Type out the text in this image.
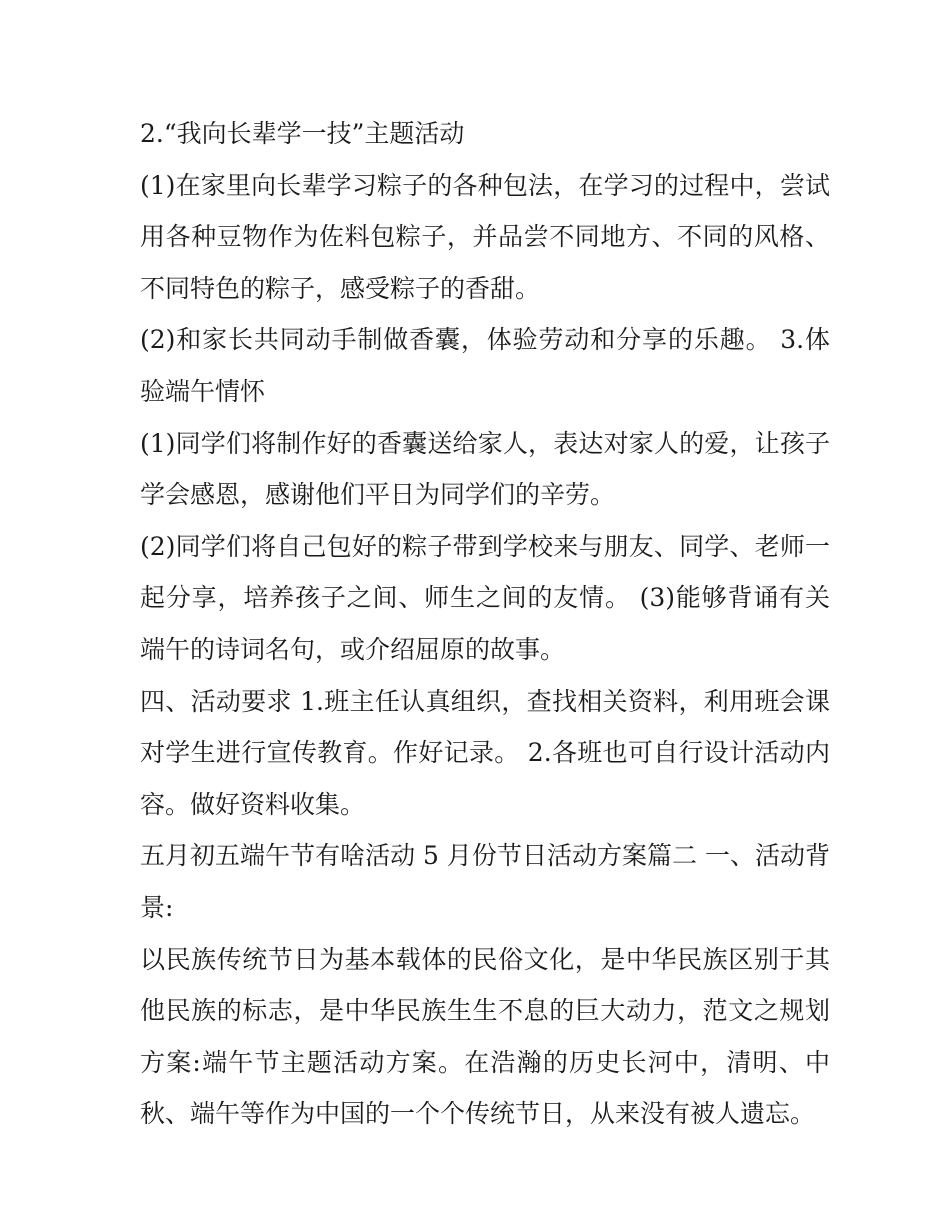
2.“我向长辈学一技”主题活动

(1)在家里向长辈学习粽子的各种包法，在学习的过程中，尝试用各种豆物作为佐料包粽子，并品尝不同地方、不同的风格、不同特色的粽子，感受粽子的香甜。

(2)和家长共同动手制做香囊，体验劳动和分享的乐趣。 3.体验端午情怀

(1)同学们将制作好的香囊送给家人，表达对家人的爱，让孩子学会感恩，感谢他们平日为同学们的辛劳。

(2)同学们将自己包好的粽子带到学校来与朋友、同学、老师一起分享，培养孩子之间、师生之间的友情。 (3)能够背诵有关端午的诗词名句，或介绍屈原的故事。

四、活动要求 1.班主任认真组织，查找相关资料，利用班会课对学生进行宣传教育。作好记录。 2.各班也可自行设计活动内容。做好资料收集。

五月初五端午节有啥活动 5 月份节日活动方案篇二 一、活动背景:

以民族传统节日为基本载体的民俗文化，是中华民族区别于其他民族的标志，是中华民族生生不息的巨大动力，范文之规划方案:端午节主题活动方案。在浩瀚的历史长河中，清明、中秋、端午等作为中国的一个个传统节日，从来没有被人遗忘。
